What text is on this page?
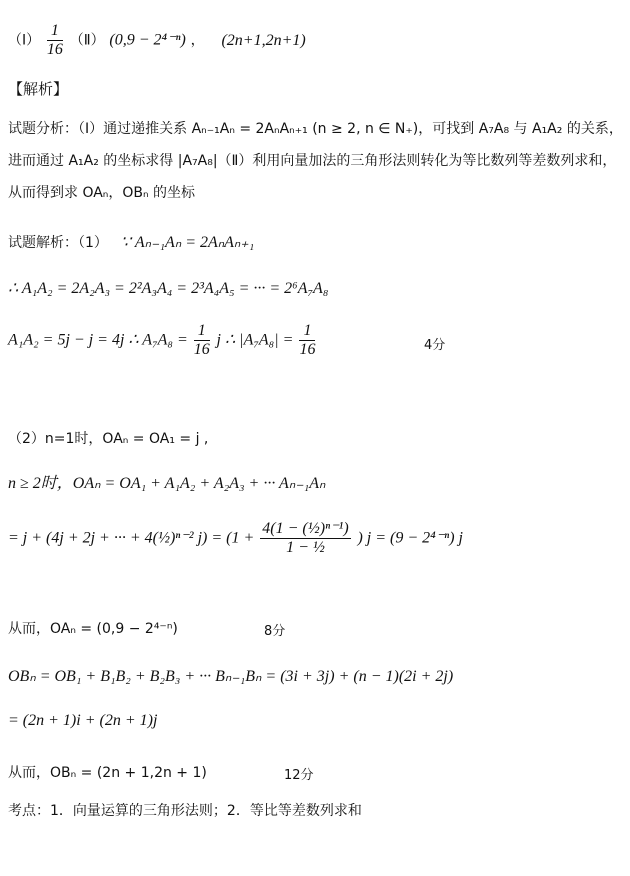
（Ⅰ） $\frac{1}{16}$ （Ⅱ） (0,9 − 2⁴⁻ⁿ) ， (2n+1,2n+1)
【解析】
试题分析：（Ⅰ）通过递推关系 Aₙ₋₁Aₙ = 2AₙAₙ₊₁ (n ≥ 2, n ∈ N₊)，可找到 A₇A₈ 与 A₁A₂ 的关系，
进而通过 A₁A₂ 的坐标求得 |A₇A₈|（Ⅱ）利用向量加法的三角形法则转化为等比数列等差数列求和，
从而得到求 OAₙ，OBₙ 的坐标
试题解析：（1） ∵ Aₙ₋₁Aₙ = 2AₙAₙ₊₁
∴ A₁A₂ = 2A₂A₃ = 2²A₃A₄ = 2³A₄A₅ = ··· = 2⁶A₇A₈
A₁A₂ = 5j − j = 4j ∴ $A_7A_8 = \frac{1}{16}$ j ∴ $|A_7A_8| = \frac{1}{16}$	4分
（2）n=1时，OAₙ = OA₁ = j ,
n ≥ 2时，OAₙ = OA₁ + A₁A₂ + A₂A₃ + ··· Aₙ₋₁Aₙ
= j + (4j + 2j + ··· + 4(½)ⁿ⁻² $j) = (1 + \frac{\text{4(1 − (½)ⁿ⁻¹)}}{\text{1 − ½}}$ ) j = (9 − 2⁴⁻ⁿ) j
从而，OAₙ = (0,9 − 2⁴⁻ⁿ)	8分
OBₙ = OB₁ + B₁B₂ + B₂B₃ + ··· Bₙ₋₁Bₙ = (3i + 3j) + (n − 1)(2i + 2j)
= (2n + 1)i + (2n + 1)j
从而，OBₙ = (2n + 1,2n + 1)	12分
考点：1．向量运算的三角形法则；2．等比等差数列求和
